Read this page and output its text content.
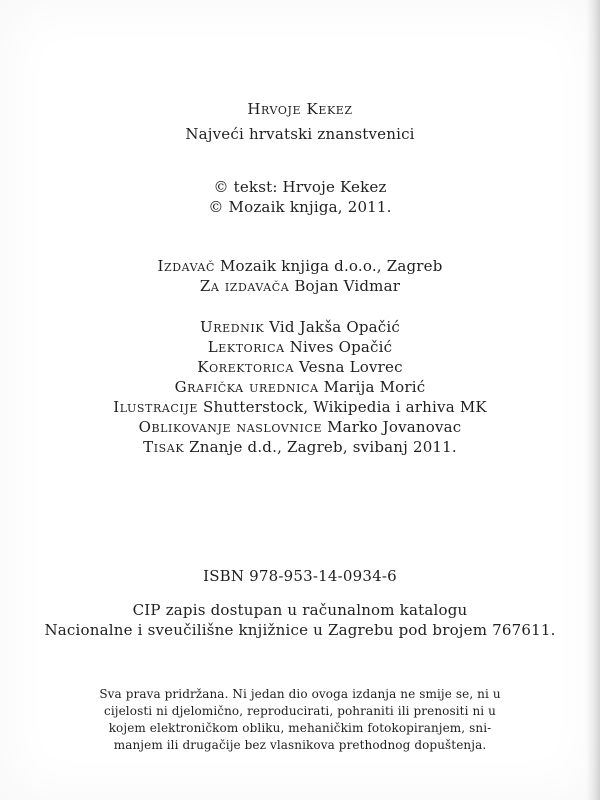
Hrvoje Kekez
Najveći hrvatski znanstvenici
© tekst: Hrvoje Kekez
© Mozaik knjiga, 2011.
Izdavač Mozaik knjiga d.o.o., Zagreb
Za izdavača Bojan Vidmar
Urednik Vid Jakša Opačić
Lektorica Nives Opačić
Korektorica Vesna Lovrec
Grafička urednica Marija Morić
Ilustracije Shutterstock, Wikipedia i arhiva MK
Oblikovanje naslovnice Marko Jovanovac
Tisak Znanje d.d., Zagreb, svibanj 2011.
ISBN 978-953-14-0934-6
CIP zapis dostupan u računalnom katalogu
Nacionalne i sveučilišne knjižnice u Zagrebu pod brojem 767611.
Sva prava pridržana. Ni jedan dio ovoga izdanja ne smije se, ni u
cijelosti ni djelomično, reproducirati, pohraniti ili prenositi ni u
kojem elektroničkom obliku, mehaničkim fotokopiranjem, sni-
manjem ili drugačije bez vlasnikova prethodnog dopuštenja.
